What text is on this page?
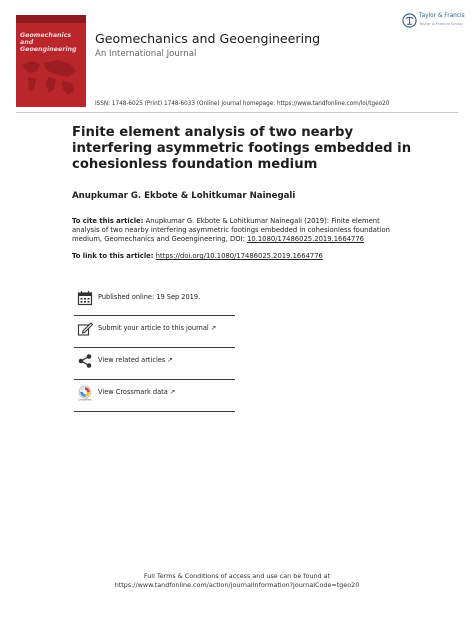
Geomechanics and
Geoengineering
Geomechanics and Geoengineering
An International Journal
Taylor & Francis
Taylor & Francis Group
ISSN: 1748-6025 (Print) 1748-6033 (Online) Journal homepage: https://www.tandfonline.com/loi/tgeo20
Finite element analysis of two nearby interfering asymmetric footings embedded in cohesionless foundation medium
Anupkumar G. Ekbote & Lohitkumar Nainegali
To cite this article: Anupkumar G. Ekbote & Lohitkumar Nainegali (2019): Finite element analysis of two nearby interfering asymmetric footings embedded in cohesionless foundation medium, Geomechanics and Geoengineering, DOI: 10.1080/17486025.2019.1664776
To link to this article: https://doi.org/10.1080/17486025.2019.1664776
Published online: 19 Sep 2019.
Submit your article to this journal ↗
View related articles ↗
CrossMark
View Crossmark data ↗
Full Terms & Conditions of access and use can be found at
https://www.tandfonline.com/action/journalInformation?journalCode=tgeo20
